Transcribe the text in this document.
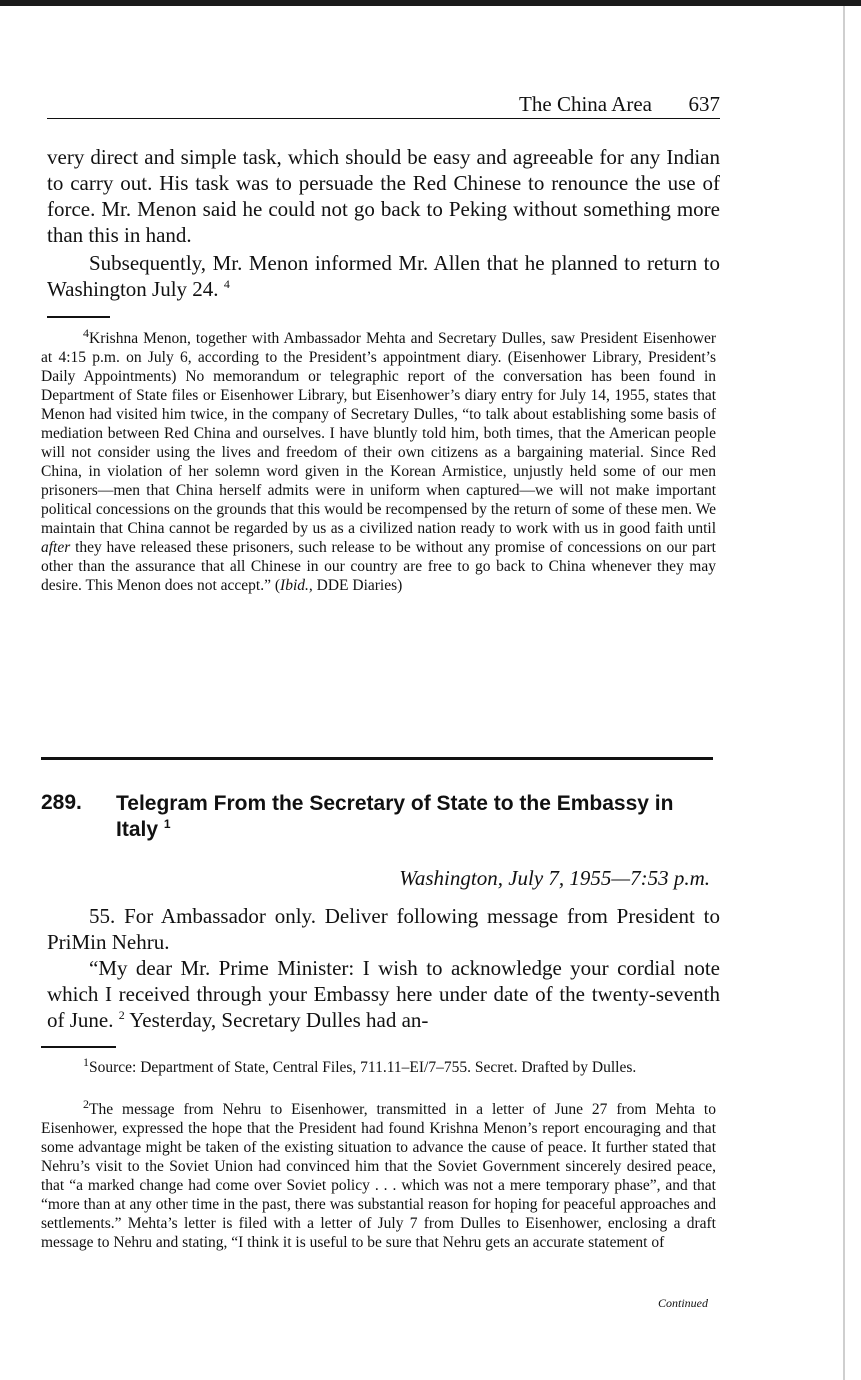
The China Area 637

very direct and simple task, which should be easy and agreeable for any Indian to carry out. His task was to persuade the Red Chinese to renounce the use of force. Mr. Menon said he could not go back to Peking without something more than this in hand.

Subsequently, Mr. Menon informed Mr. Allen that he planned to return to Washington July 24. $^4$

$^4$Krishna Menon, together with Ambassador Mehta and Secretary Dulles, saw President Eisenhower at 4:15 p.m. on July 6, according to the President’s appointment diary. (Eisenhower Library, President’s Daily Appointments) No memorandum or telegraphic report of the conversation has been found in Department of State files or Eisenhower Library, but Eisenhower’s diary entry for July 14, 1955, states that Menon had visited him twice, in the company of Secretary Dulles, “to talk about establishing some basis of mediation between Red China and ourselves. I have bluntly told him, both times, that the American people will not consider using the lives and freedom of their own citizens as a bargaining material. Since Red China, in violation of her solemn word given in the Korean Armistice, unjustly held some of our men prisoners—men that China herself admits were in uniform when captured—we will not make important political concessions on the grounds that this would be recompensed by the return of some of these men. We maintain that China cannot be regarded by us as a civilized nation ready to work with us in good faith until after they have released these prisoners, such release to be without any promise of concessions on our part other than the assurance that all Chinese in our country are free to go back to China whenever they may desire. This Menon does not accept.” (Ibid., DDE Diaries)

289. Telegram From the Secretary of State to the Embassy in Italy $^1$
Washington, July 7, 1955—7:53 p.m.

55. For Ambassador only. Deliver following message from President to PriMin Nehru.

“My dear Mr. Prime Minister: I wish to acknowledge your cordial note which I received through your Embassy here under date of the twenty-seventh of June. $^2$ Yesterday, Secretary Dulles had an-

$^1$Source: Department of State, Central Files, 711.11–EI/7–755. Secret. Drafted by Dulles.

$^2$The message from Nehru to Eisenhower, transmitted in a letter of June 27 from Mehta to Eisenhower, expressed the hope that the President had found Krishna Menon’s report encouraging and that some advantage might be taken of the existing situation to advance the cause of peace. It further stated that Nehru’s visit to the Soviet Union had convinced him that the Soviet Government sincerely desired peace, that “a marked change had come over Soviet policy . . . which was not a mere temporary phase”, and that “more than at any other time in the past, there was substantial reason for hoping for peaceful approaches and settlements.” Mehta’s letter is filed with a letter of July 7 from Dulles to Eisenhower, enclosing a draft message to Nehru and stating, “I think it is useful to be sure that Nehru gets an accurate statement of

Continued
